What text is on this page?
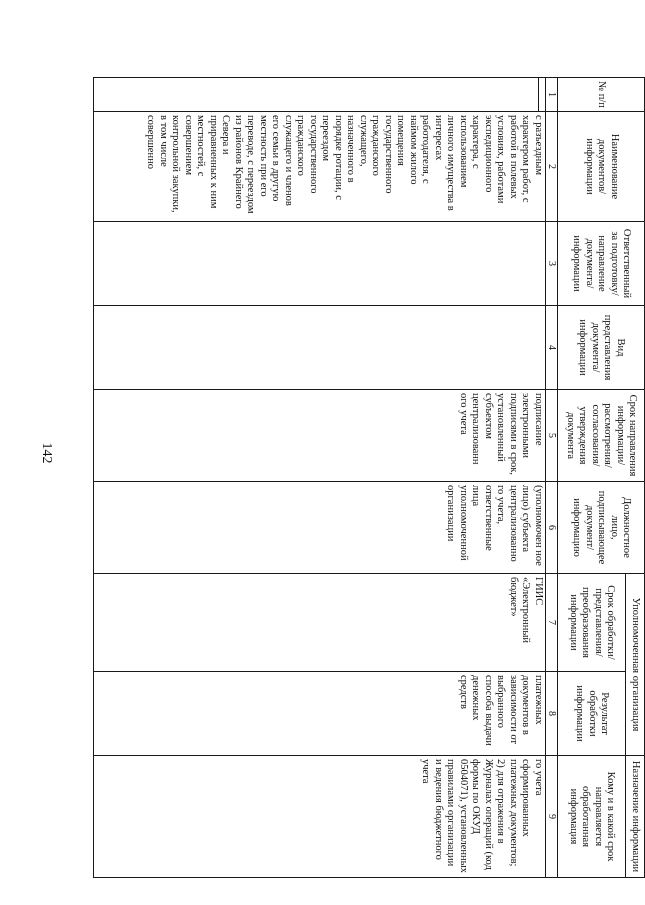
142
№ п/п	Наименование документов/ информации	Ответственный за подготовку/ направление документа/ информации	Вид представления документа/ информации	Срок направления информации/ рассмотрения/ согласования/ утверждения документа	Должностное лицо, подписывающее документ/ информацию	Уполномоченная организация		Назначение информации
						Срок обработки/ представления/ преобразования информации	Результат обработки информации	Кому и в какой срок направляется обработанная информация
1	2	3	4	5	6	7	8	9

	с разъездным характером работ, с работой в полевых условиях, работами экспедиционного характера, с использованием личного имущества в интересах работодателя, с наймом жилого помещения государственного гражданского служащего, назначенного в порядке ротации, с переездом государственного гражданского служащего и членов его семьи в другую местность при его переводе, с переездом из районов Крайнего Севера и приравненных к ним местностей, с совершением контрольной закупки, в том числе совершенно			подписание электронными подписями в срок, установленный субъектом централизованн ого учета	(уполномочен ное лицо) субъекта централизованно го учета, ответственные лица уполномоченной организации	ГИИС «Электронный бюджет»	платежных документов в зависимости от выбранного способа выдачи денежных средств	го учета сформированных платежных документов; 2) для отражения в Журналах операций (код формы по ОКУД 0504071), установленных правилами организации и ведения бюджетного учета
